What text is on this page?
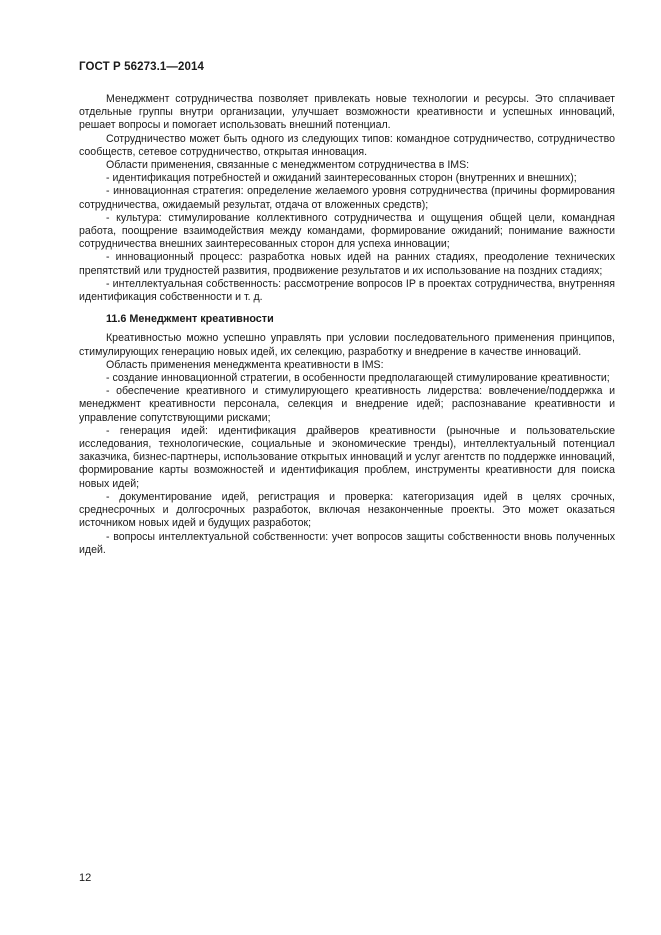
ГОСТ Р 56273.1—2014

Менеджмент сотрудничества позволяет привлекать новые технологии и ресурсы. Это сплачивает отдельные группы внутри организации, улучшает возможности креативности и успешных инноваций, решает вопросы и помогает использовать внешний потенциал.

Сотрудничество может быть одного из следующих типов: командное сотрудничество, сотрудничество сообществ, сетевое сотрудничество, открытая инновация.

Области применения, связанные с менеджментом сотрудничества в IMS:

- идентификация потребностей и ожиданий заинтересованных сторон (внутренних и внешних);

- инновационная стратегия: определение желаемого уровня сотрудничества (причины формирования сотрудничества, ожидаемый результат, отдача от вложенных средств);

- культура: стимулирование коллективного сотрудничества и ощущения общей цели, командная работа, поощрение взаимодействия между командами, формирование ожиданий; понимание важности сотрудничества внешних заинтересованных сторон для успеха инновации;

- инновационный процесс: разработка новых идей на ранних стадиях, преодоление технических препятствий или трудностей развития, продвижение результатов и их использование на поздних стадиях;

- интеллектуальная собственность: рассмотрение вопросов IP в проектах сотрудничества, внутренняя идентификация собственности и т. д.

11.6 Менеджмент креативности

Креативностью можно успешно управлять при условии последовательного применения принципов, стимулирующих генерацию новых идей, их селекцию, разработку и внедрение в качестве инноваций.

Область применения менеджмента креативности в IMS:

- создание инновационной стратегии, в особенности предполагающей стимулирование креативности;

- обеспечение креативного и стимулирующего креативность лидерства: вовлечение/поддержка и менеджмент креативности персонала, селекция и внедрение идей; распознавание креативности и управление сопутствующими рисками;

- генерация идей: идентификация драйверов креативности (рыночные и пользовательские исследования, технологические, социальные и экономические тренды), интеллектуальный потенциал заказчика, бизнес-партнеры, использование открытых инноваций и услуг агентств по поддержке инноваций, формирование карты возможностей и идентификация проблем, инструменты креативности для поиска новых идей;

- документирование идей, регистрация и проверка: категоризация идей в целях срочных, среднесрочных и долгосрочных разработок, включая незаконченные проекты. Это может оказаться источником новых идей и будущих разработок;

- вопросы интеллектуальной собственности: учет вопросов защиты собственности вновь полученных идей.

12
